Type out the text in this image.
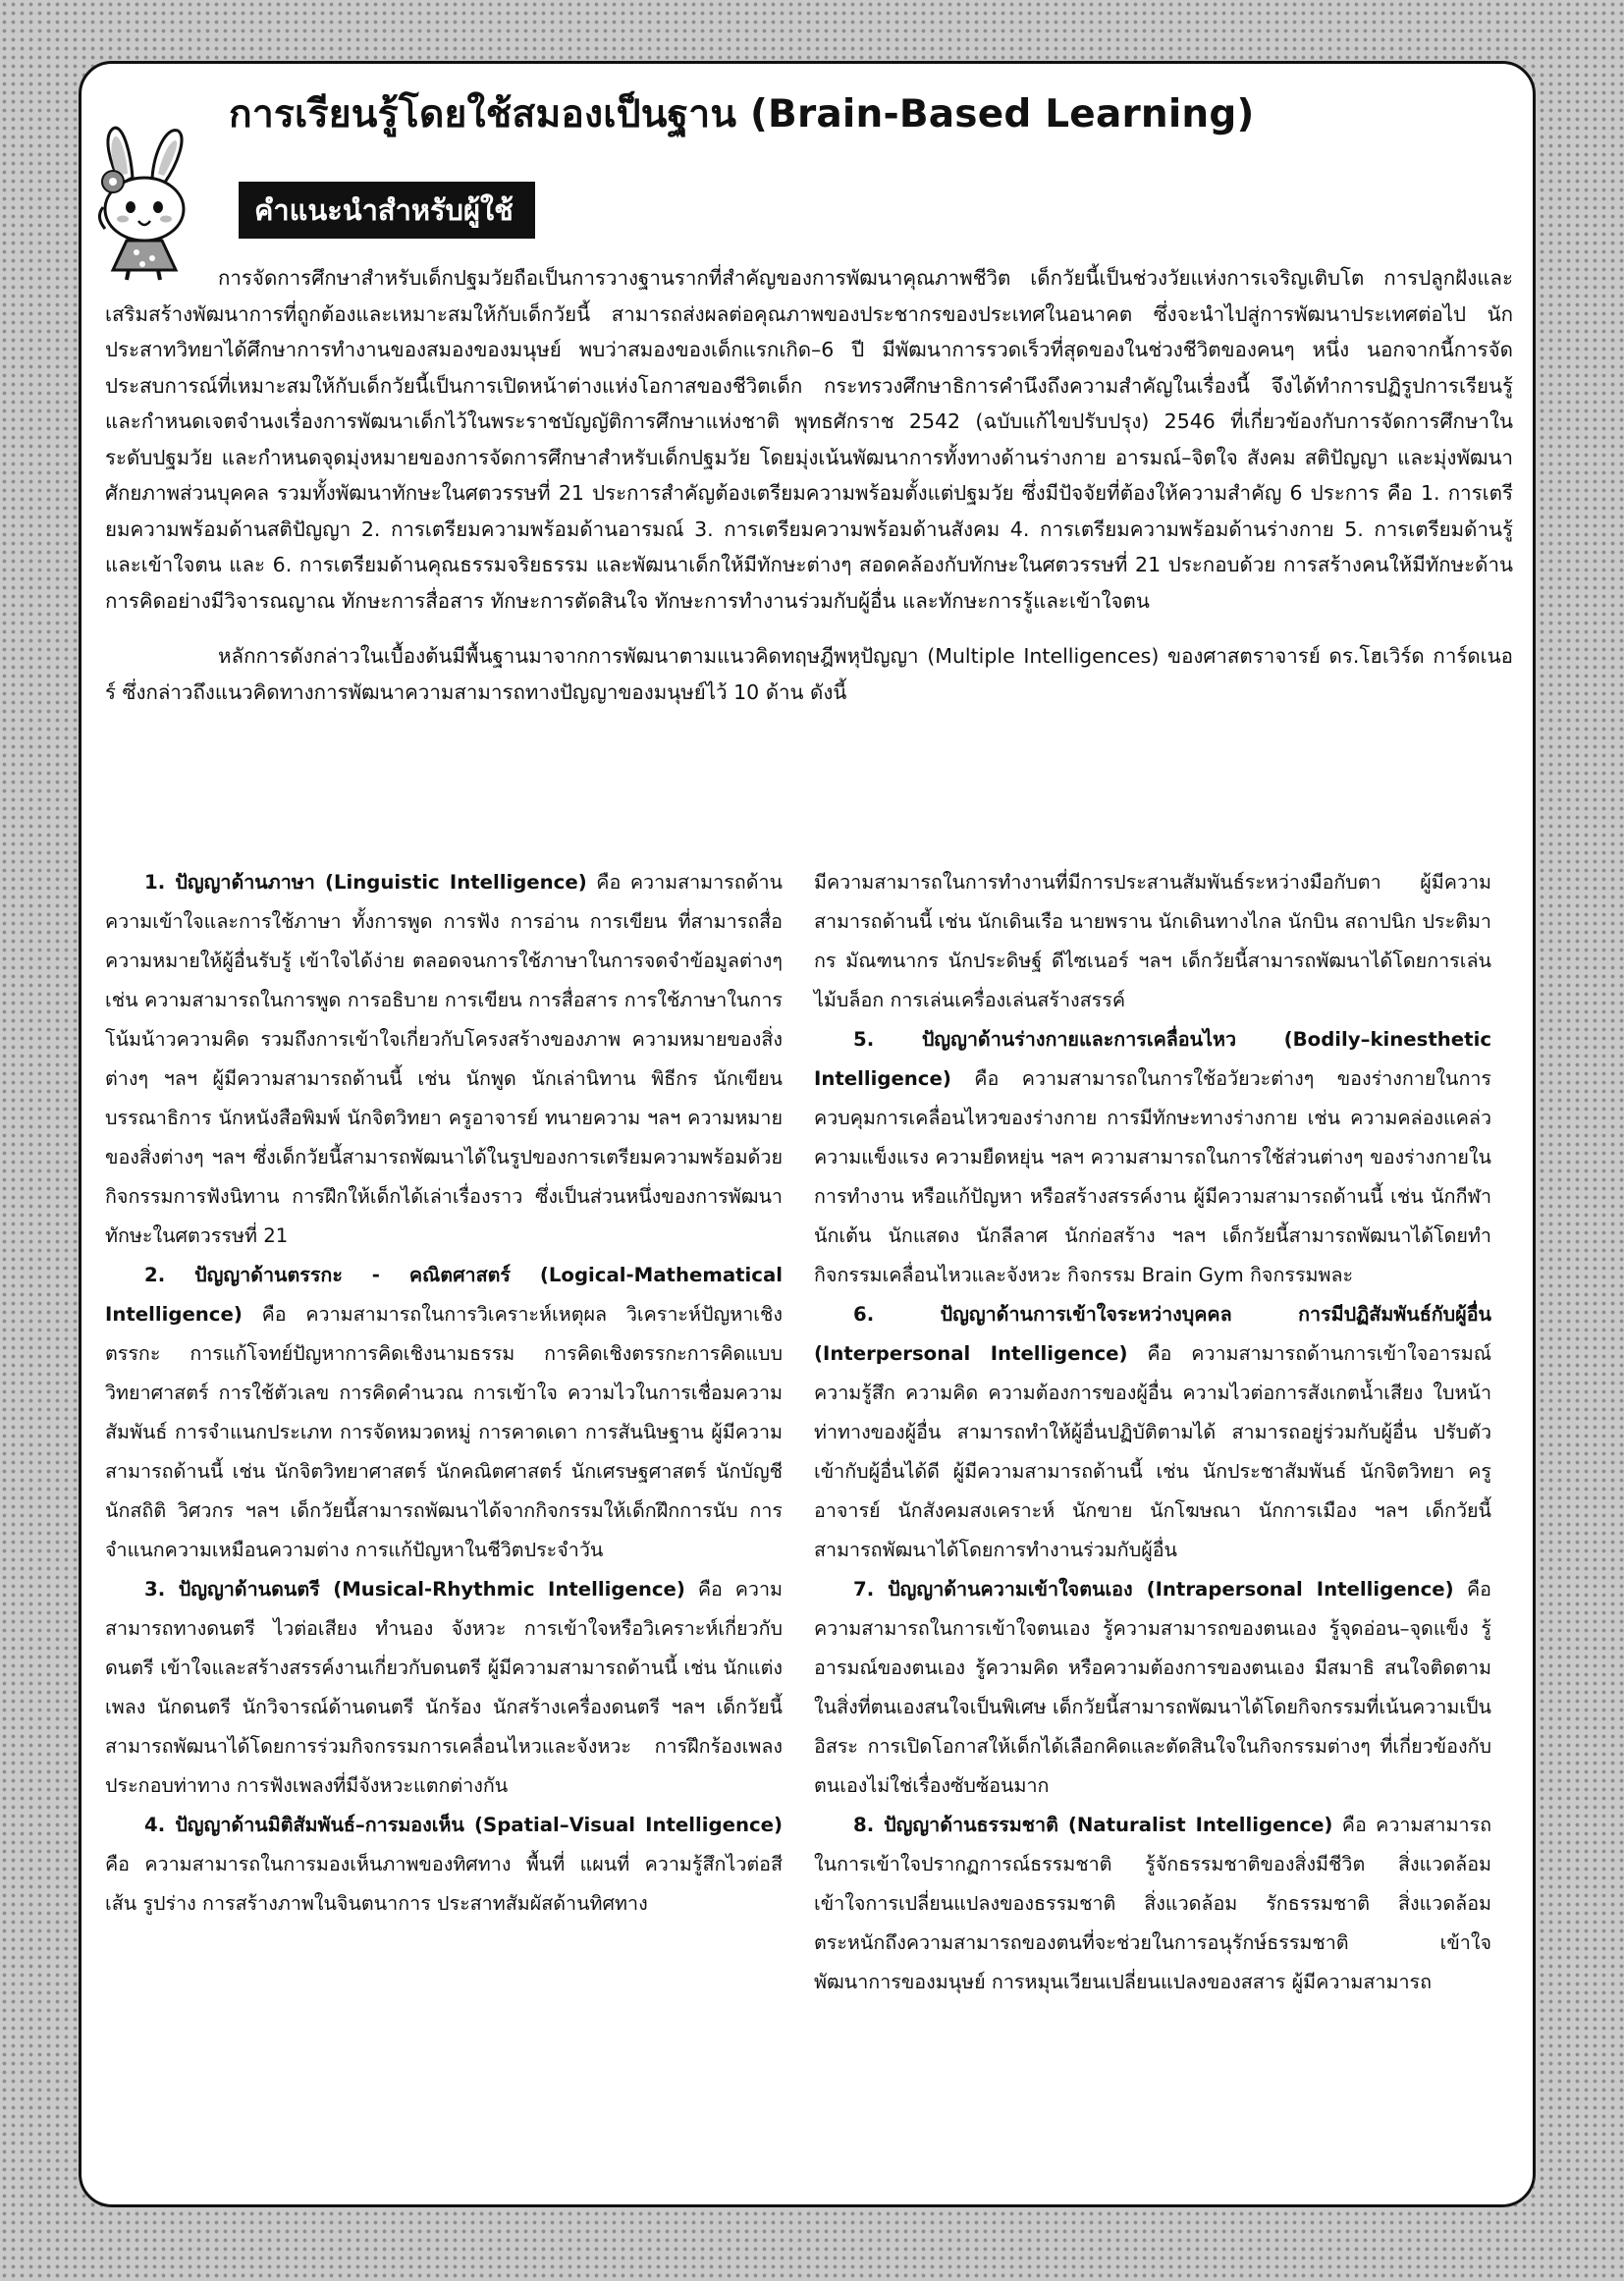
การเรียนรู้โดยใช้สมองเป็นฐาน (Brain-Based Learning)
คำแนะนำสำหรับผู้ใช้

การจัดการศึกษาสำหรับเด็กปฐมวัยถือเป็นการวางฐานรากที่สำคัญของการพัฒนาคุณภาพชีวิต เด็กวัยนี้เป็นช่วงวัยแห่งการเจริญเติบโต การปลูกฝังและเสริมสร้างพัฒนาการที่ถูกต้องและเหมาะสมให้กับเด็กวัยนี้ สามารถส่งผลต่อคุณภาพของประชากรของประเทศในอนาคต ซึ่งจะนำไปสู่การพัฒนาประเทศต่อไป นักประสาทวิทยาได้ศึกษาการทำงานของสมองของมนุษย์ พบว่าสมองของเด็กแรกเกิด–6 ปี มีพัฒนาการรวดเร็วที่สุดของในช่วงชีวิตของคนๆ หนึ่ง นอกจากนี้การจัดประสบการณ์ที่เหมาะสมให้กับเด็กวัยนี้เป็นการเปิดหน้าต่างแห่งโอกาสของชีวิตเด็ก กระทรวงศึกษาธิการคำนึงถึงความสำคัญในเรื่องนี้ จึงได้ทำการปฏิรูปการเรียนรู้และกำหนดเจตจำนงเรื่องการพัฒนาเด็กไว้ในพระราชบัญญัติการศึกษาแห่งชาติ พุทธศักราช 2542 (ฉบับแก้ไขปรับปรุง) 2546 ที่เกี่ยวข้องกับการจัดการศึกษาในระดับปฐมวัย และกำหนดจุดมุ่งหมายของการจัดการศึกษาสำหรับเด็กปฐมวัย โดยมุ่งเน้นพัฒนาการทั้งทางด้านร่างกาย อารมณ์–จิตใจ สังคม สติปัญญา และมุ่งพัฒนาศักยภาพส่วนบุคคล รวมทั้งพัฒนาทักษะในศตวรรษที่ 21 ประการสำคัญต้องเตรียมความพร้อมตั้งแต่ปฐมวัย ซึ่งมีปัจจัยที่ต้องให้ความสำคัญ 6 ประการ คือ 1. การเตรียมความพร้อมด้านสติปัญญา 2. การเตรียมความพร้อมด้านอารมณ์ 3. การเตรียมความพร้อมด้านสังคม 4. การเตรียมความพร้อมด้านร่างกาย 5. การเตรียมด้านรู้และเข้าใจตน และ 6. การเตรียมด้านคุณธรรมจริยธรรม และพัฒนาเด็กให้มีทักษะต่างๆ สอดคล้องกับทักษะในศตวรรษที่ 21 ประกอบด้วย การสร้างคนให้มีทักษะด้านการคิดอย่างมีวิจารณญาณ ทักษะการสื่อสาร ทักษะการตัดสินใจ ทักษะการทำงานร่วมกับผู้อื่น และทักษะการรู้และเข้าใจตน

หลักการดังกล่าวในเบื้องต้นมีพื้นฐานมาจากการพัฒนาตามแนวคิดทฤษฎีพหุปัญญา (Multiple Intelligences) ของศาสตราจารย์ ดร.โฮเวิร์ด การ์ดเนอร์ ซึ่งกล่าวถึงแนวคิดทางการพัฒนาความสามารถทางปัญญาของมนุษย์ไว้ 10 ด้าน ดังนี้

1. ปัญญาด้านภาษา (Linguistic Intelligence) คือ ความสามารถด้านความเข้าใจและการใช้ภาษา ทั้งการพูด การฟัง การอ่าน การเขียน ที่สามารถสื่อความหมายให้ผู้อื่นรับรู้ เข้าใจได้ง่าย ตลอดจนการใช้ภาษาในการจดจำข้อมูลต่างๆ เช่น ความสามารถในการพูด การอธิบาย การเขียน การสื่อสาร การใช้ภาษาในการโน้มน้าวความคิด รวมถึงการเข้าใจเกี่ยวกับโครงสร้างของภาพ ความหมายของสิ่งต่างๆ ฯลฯ ผู้มีความสามารถด้านนี้ เช่น นักพูด นักเล่านิทาน พิธีกร นักเขียน บรรณาธิการ นักหนังสือพิมพ์ นักจิตวิทยา ครูอาจารย์ ทนายความ ฯลฯ ความหมายของสิ่งต่างๆ ฯลฯ ซึ่งเด็กวัยนี้สามารถพัฒนาได้ในรูปของการเตรียมความพร้อมด้วยกิจกรรมการฟังนิทาน การฝึกให้เด็กได้เล่าเรื่องราว ซึ่งเป็นส่วนหนึ่งของการพัฒนาทักษะในศตวรรษที่ 21

2. ปัญญาด้านตรรกะ - คณิตศาสตร์ (Logical-Mathematical Intelligence) คือ ความสามารถในการวิเคราะห์เหตุผล วิเคราะห์ปัญหาเชิงตรรกะ การแก้โจทย์ปัญหาการคิดเชิงนามธรรม การคิดเชิงตรรกะการคิดแบบวิทยาศาสตร์ การใช้ตัวเลข การคิดคำนวณ การเข้าใจ ความไวในการเชื่อมความสัมพันธ์ การจำแนกประเภท การจัดหมวดหมู่ การคาดเดา การสันนิษฐาน ผู้มีความสามารถด้านนี้ เช่น นักจิตวิทยาศาสตร์ นักคณิตศาสตร์ นักเศรษฐศาสตร์ นักบัญชี นักสถิติ วิศวกร ฯลฯ เด็กวัยนี้สามารถพัฒนาได้จากกิจกรรมให้เด็กฝึกการนับ การจำแนกความเหมือนความต่าง การแก้ปัญหาในชีวิตประจำวัน

3. ปัญญาด้านดนตรี (Musical-Rhythmic Intelligence) คือ ความสามารถทางดนตรี ไวต่อเสียง ทำนอง จังหวะ การเข้าใจหรือวิเคราะห์เกี่ยวกับดนตรี เข้าใจและสร้างสรรค์งานเกี่ยวกับดนตรี ผู้มีความสามารถด้านนี้ เช่น นักแต่งเพลง นักดนตรี นักวิจารณ์ด้านดนตรี นักร้อง นักสร้างเครื่องดนตรี ฯลฯ เด็กวัยนี้สามารถพัฒนาได้โดยการร่วมกิจกรรมการเคลื่อนไหวและจังหวะ การฝึกร้องเพลงประกอบท่าทาง การฟังเพลงที่มีจังหวะแตกต่างกัน

4. ปัญญาด้านมิติสัมพันธ์–การมองเห็น (Spatial–Visual Intelligence) คือ ความสามารถในการมองเห็นภาพของทิศทาง พื้นที่ แผนที่ ความรู้สึกไวต่อสี เส้น รูปร่าง การสร้างภาพในจินตนาการ ประสาทสัมผัสด้านทิศทาง

มีความสามารถในการทำงานที่มีการประสานสัมพันธ์ระหว่างมือกับตา ผู้มีความสามารถด้านนี้ เช่น นักเดินเรือ นายพราน นักเดินทางไกล นักบิน สถาปนิก ประติมากร มัณฑนากร นักประดิษฐ์ ดีไซเนอร์ ฯลฯ เด็กวัยนี้สามารถพัฒนาได้โดยการเล่นไม้บล็อก การเล่นเครื่องเล่นสร้างสรรค์

5. ปัญญาด้านร่างกายและการเคลื่อนไหว (Bodily–kinesthetic Intelligence) คือ ความสามารถในการใช้อวัยวะต่างๆ ของร่างกายในการควบคุมการเคลื่อนไหวของร่างกาย การมีทักษะทางร่างกาย เช่น ความคล่องแคล่ว ความแข็งแรง ความยืดหยุ่น ฯลฯ ความสามารถในการใช้ส่วนต่างๆ ของร่างกายในการทำงาน หรือแก้ปัญหา หรือสร้างสรรค์งาน ผู้มีความสามารถด้านนี้ เช่น นักกีฬา นักเต้น นักแสดง นักลีลาศ นักก่อสร้าง ฯลฯ เด็กวัยนี้สามารถพัฒนาได้โดยทำกิจกรรมเคลื่อนไหวและจังหวะ กิจกรรม Brain Gym กิจกรรมพละ

6. ปัญญาด้านการเข้าใจระหว่างบุคคล การมีปฏิสัมพันธ์กับผู้อื่น (Interpersonal Intelligence) คือ ความสามารถด้านการเข้าใจอารมณ์ ความรู้สึก ความคิด ความต้องการของผู้อื่น ความไวต่อการสังเกตน้ำเสียง ใบหน้า ท่าทางของผู้อื่น สามารถทำให้ผู้อื่นปฏิบัติตามได้ สามารถอยู่ร่วมกับผู้อื่น ปรับตัวเข้ากับผู้อื่นได้ดี ผู้มีความสามารถด้านนี้ เช่น นักประชาสัมพันธ์ นักจิตวิทยา ครูอาจารย์ นักสังคมสงเคราะห์ นักขาย นักโฆษณา นักการเมือง ฯลฯ เด็กวัยนี้สามารถพัฒนาได้โดยการทำงานร่วมกับผู้อื่น

7. ปัญญาด้านความเข้าใจตนเอง (Intrapersonal Intelligence) คือ ความสามารถในการเข้าใจตนเอง รู้ความสามารถของตนเอง รู้จุดอ่อน–จุดแข็ง รู้อารมณ์ของตนเอง รู้ความคิด หรือความต้องการของตนเอง มีสมาธิ สนใจติดตามในสิ่งที่ตนเองสนใจเป็นพิเศษ เด็กวัยนี้สามารถพัฒนาได้โดยกิจกรรมที่เน้นความเป็นอิสระ การเปิดโอกาสให้เด็กได้เลือกคิดและตัดสินใจในกิจกรรมต่างๆ ที่เกี่ยวข้องกับตนเองไม่ใช่เรื่องซับซ้อนมาก

8. ปัญญาด้านธรรมชาติ (Naturalist Intelligence) คือ ความสามารถในการเข้าใจปรากฏการณ์ธรรมชาติ รู้จักธรรมชาติของสิ่งมีชีวิต สิ่งแวดล้อม เข้าใจการเปลี่ยนแปลงของธรรมชาติ สิ่งแวดล้อม รักธรรมชาติ สิ่งแวดล้อม ตระหนักถึงความสามารถของตนที่จะช่วยในการอนุรักษ์ธรรมชาติ เข้าใจพัฒนาการของมนุษย์ การหมุนเวียนเปลี่ยนแปลงของสสาร ผู้มีความสามารถ
